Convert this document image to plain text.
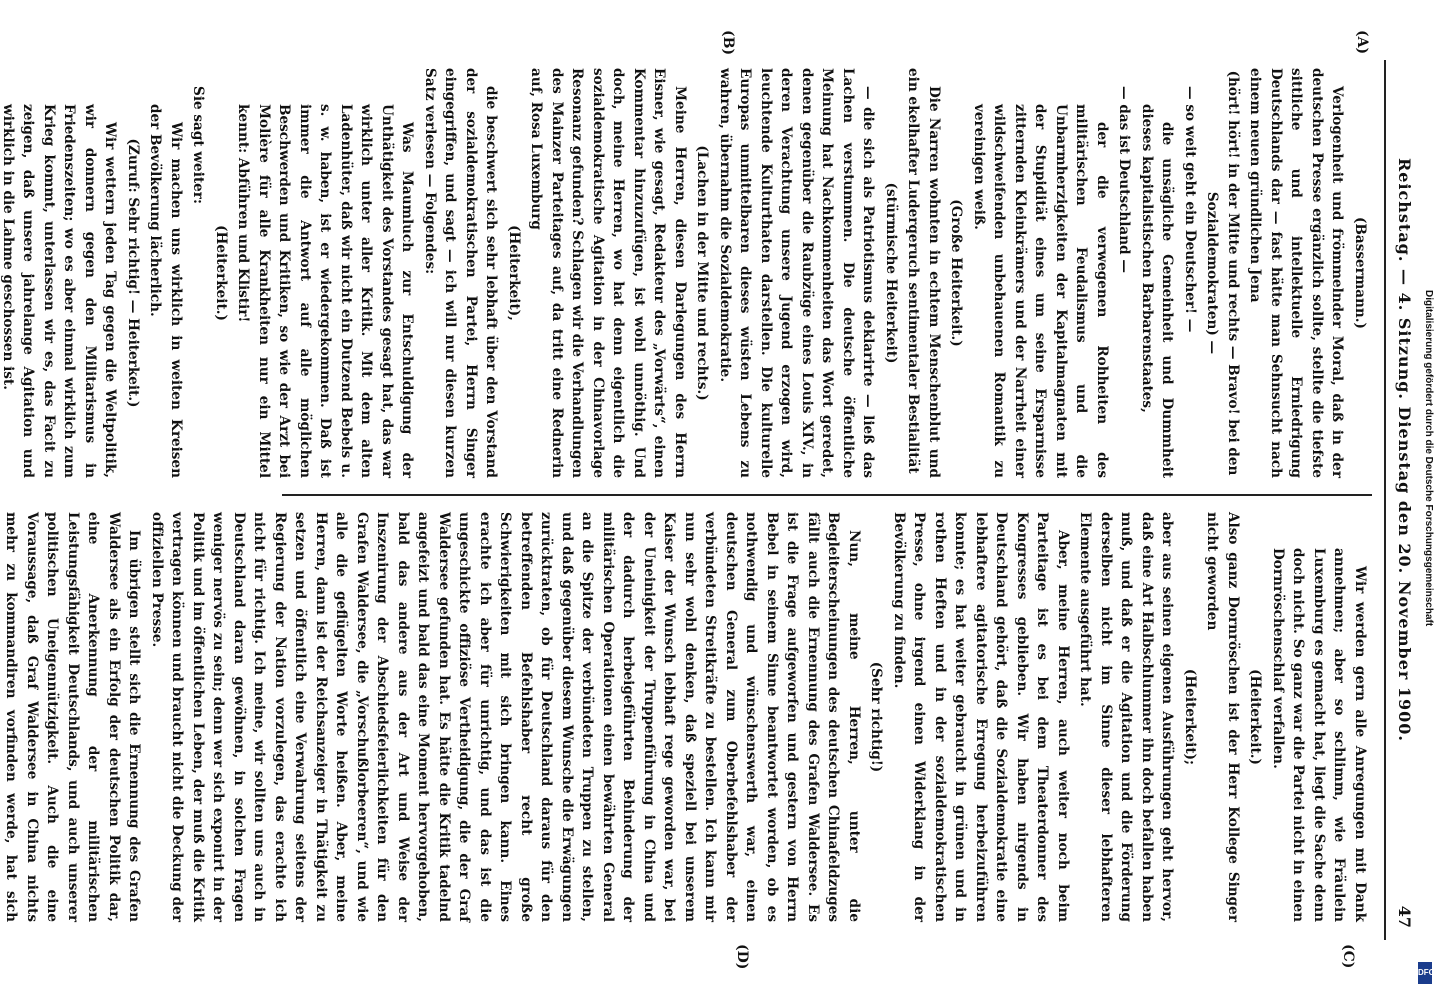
Reichstag. — 4. Sitzung. Dienstag den 20. November 1900.
47
(A)
(B)
(C)
(D)

(Bassermann.)

Verlogenheit und frömmelnder Moral, daß in der deutschen Presse ergänzlich sollte, stellte die tiefste sittliche und intellektuelle Erniedrigung Deutschlands dar — fast hätte man Sehnsucht nach einem neuen gründlichen Jena

(hört! hört! in der Mitte und rechts — Bravo! bei den Sozialdemokraten) —

— so weit geht ein Deutscher! —

die unsägliche Gemeinheit und Dummheit dieses kapitalistischen Barbarenstaates,

— das ist Deutschland —

der die verwegenen Rohheiten des militärischen Feudalismus und die Unbarmherzigkeiten der Kapitalmagnaten mit der Stupidität eines um seine Ersparnisse zitternden Kleinkrämers und der Narrheit einer wildschweifenden unbehauenen Romantik zu vereinigen weiß.

(Große Heiterkeit.)

Die Narren wohnten in echtem Menschenblut und ein ekelhafter Luderqeruch sentimentaler Bestialität

(stürmische Heiterkeit)

— die sich als Patriotismus deklarirte — ließ das Lachen verstummen. Die deutsche öffentliche Meinung hat Nachkommenheiten das Wort geredet, denen gegenüber die Raubzüge eines Louis XIV., in deren Verachtung unsere Jugend erzogen wird, leuchtende Kulturthaten darstellen. Die kulturelle Europas unmittelbaren dieses wüsten Lebens zu wahren, übernahm die Sozialdemokratie.

(Lachen in der Mitte und rechts.)

Meine Herren, diesen Darlegungen des Herrn Eisner, wie gesagt, Redakteur des „Vorwärts“, einen Kommentar hinzuzufügen, ist wohl unnöthig. Und doch, meine Herren, wo hat denn eigentlich die sozialdemokratische Agitation in der Chinavorlage Resonanz gefunden? Schlagen wir die Verhandlungen des Mainzer Parteitages auf, da tritt eine Rednerin auf, Rosa Luxemburg

(Heiterkeit),

die beschwert sich sehr lebhaft über den Vorstand der sozialdemokratischen Partei, Herrn Singer eingegriffen, und sagt — ich will nur diesen kurzen Satz verlesen — Folgendes:

Was Maumluch zur Entschuldigung der Unthätigkeit des Vorstandes gesagt hat, das war wirklich unter aller Kritik. Mit dem alten Ladenhüter, daß wir nicht ein Dutzend Bebels u. s. w. haben, ist er wiedergekommen. Daß ist immer die Antwort auf alle möglichen Beschwerden und Kritiken, so wie der Arzt bei Molière für alle Krankheiten nur ein Mittel kennt: Abführen und Klistir!

(Heiterkeit.)

Sie sagt weiter:

Wir machen uns wirklich in weiten Kreisen der Bevölkerung lächerlich.

(Zuruf: Sehr richtig! — Heiterkeit.)

Wir wettern jeden Tag gegen die Weltpolitik, wir donnern gegen den Militarismus in Friedenszeiten; wo es aber einmal wirklich zum Krieg kommt, unterlassen wir es, das Facit zu zeigen, daß unsere jahrelange Agitation und wirklich in die Lahme geschossen ist.

Wir werden gern alle Anregungen mit Dank annehmen; aber so schlimm, wie Fräulein Luxemburg es gemacht hat, liegt die Sache denn doch nicht. So ganz war die Partei nicht in einen Dornröschenschlaf verfallen.

(Heiterkeit.)

Also ganz Dornröschen ist der Herr Kollege Singer nicht geworden

(Heiterkeit);

aber aus seinen eigenen Ausführungen geht hervor, daß eine Art Halbschlummer ihn doch befallen haben muß, und daß er die Agitation und die Förderung derselben nicht im Sinne dieser lebhafteren Elemente ausgeführt hat.

Aber, meine Herren, auch weiter noch beim Parteitage ist es bei dem Theaterdonner des Kongresses geblieben. Wir haben nirgends in Deutschland gehört, daß die Sozialdemokratie eine lebhaftere agitatorische Erregung herbeizuführen konnte; es hat weiter gebraucht in grünen und in rothen Heften und in der sozialdemokratischen Presse, ohne irgend einen Widerklang in der Bevölkerung zu finden.

(Sehr richtig!)

Nun, meine Herren, unter die Begleiterscheinungen des deutschen Chinafeldzuges fällt auch die Ernennung des Grafen Waldersee. Es ist die Frage aufgeworfen und gestern von Herrn Bebel in seinem Sinne beantwortet worden, ob es nothwendig und wünschenswerth war, einen deutschen General zum Oberbefehlshaber der verbündeten Streitkräfte zu bestellen. Ich kann mir nun sehr wohl denken, daß speziell bei unserem Kaiser der Wunsch lebhaft rege geworden war, bei der Uneinigkeit der Truppenführung in China und der dadurch herbeigeführten Behinderung der militärischen Operationen einen bewährten General an die Spitze der verbündeten Truppen zu stellen, und daß gegenüber diesem Wunsche die Erwägungen zurücktraten, ob für Deutschland daraus für den betreffenden Befehlshaber recht große Schwierigkeiten mit sich bringen kann. Eines erachte ich aber für unrichtig, und das ist die ungeschickte offiziöse Vertheidigung, die der Graf Waldersee gefunden hat. Es hätte die Kritik tadelnd angefeizt und bald das eine Moment hervorgehoben, bald das andere aus der Art und Weise der Inszenirung der Abschiedsfeierlichkeiten für den Grafen Waldersee, die „Vorschußlorbeeren“, und wie alle die geflügelten Worte heißen. Aber, meine Herren, dann ist der Reichsanzeiger in Thätigkeit zu setzen und öffentlich eine Verwahrung seitens der Regierung der Nation vorzulegen, das erachte ich nicht für richtig. Ich meine, wir sollten uns auch in Deutschland daran gewöhnen, in solchen Fragen weniger nervös zu sein; denn wer sich exponirt in der Politik und im öffentlichen Leben, der muß die Kritik vertragen können und braucht nicht die Deckung der offiziellen Presse.

Im übrigen stellt sich die Ernennung des Grafen Waldersee als ein Erfolg der deutschen Politik dar, eine Anerkennung der militärischen Leistungsfähigkeit Deutschlands, und auch unserer politischen Uneigennützigkeit. Auch die eine Voraussage, daß Graf Waldersee in China nichts mehr zu kommandiren vorfinden werde, hat sich

Digitalisierung gefördert durch die Deutsche Forschungsgemeinschaft
DFG
